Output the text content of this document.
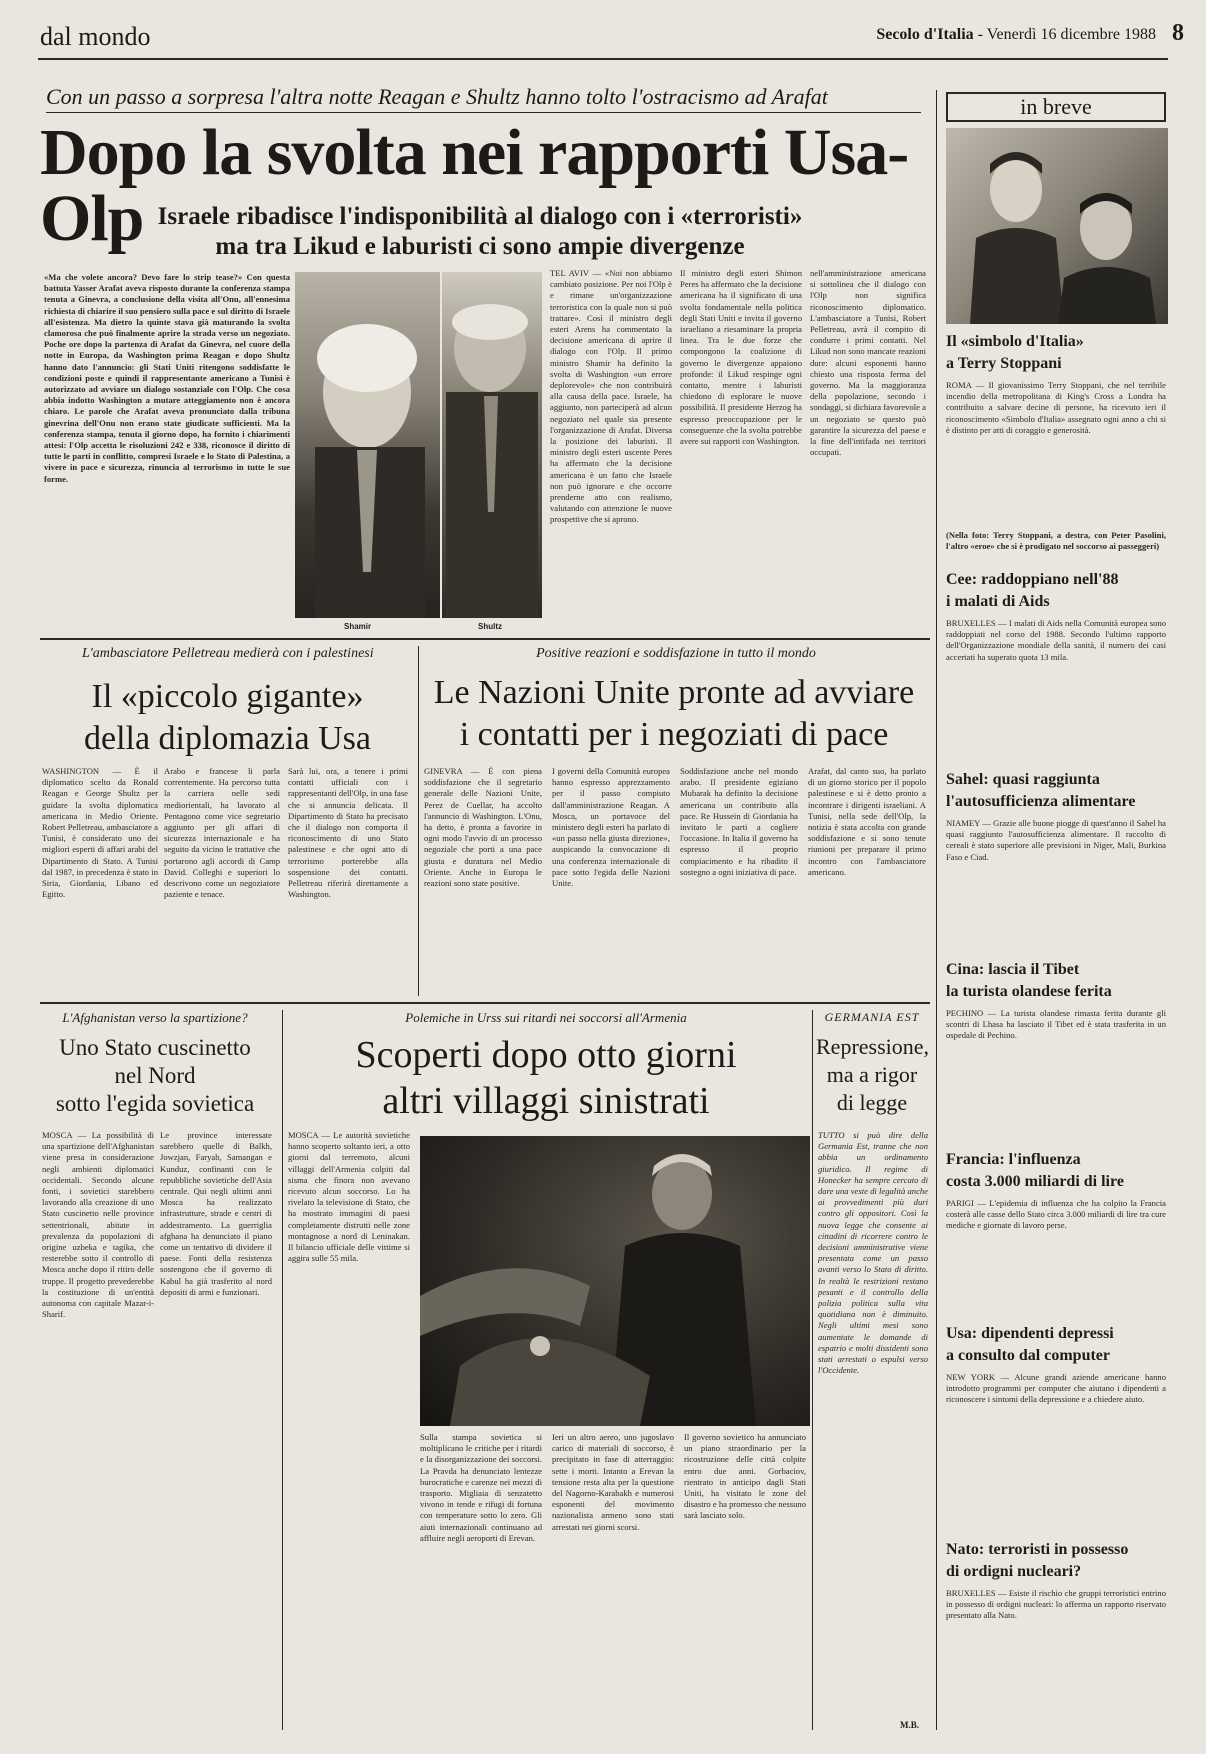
dal mondo	Secolo d'Italia - Venerdì 16 dicembre 1988 8
Con un passo a sorpresa l'altra notte Reagan e Shultz hanno tolto l'ostracismo ad Arafat
Dopo la svolta nei rapporti Usa-Olp Israele ribadisce l'indisponibilità al dialogo con i «terroristi»
ma tra Likud e laburisti ci sono ampie divergenze
«Ma che volete ancora? Devo fare lo strip tease?» Con questa battuta Yasser Arafat aveva risposto durante la conferenza stampa tenuta a Ginevra, a conclusione della visita all'Onu, all'ennesima richiesta di chiarire il suo pensiero sulla pace e sul diritto di Israele all'esistenza. Ma dietro la quinte stava già maturando la svolta clamorosa che può finalmente aprire la strada verso un negoziato. Poche ore dopo la partenza di Arafat da Ginevra, nel cuore della notte in Europa, da Washington prima Reagan e dopo Shultz hanno dato l'annuncio: gli Stati Uniti ritengono soddisfatte le condizioni poste e quindi il rappresentante americano a Tunisi è autorizzato ad avviare un dialogo sostanziale con l'Olp. Che cosa abbia indotto Washington a mutare atteggiamento non è ancora chiaro. Le parole che Arafat aveva pronunciato dalla tribuna ginevrina dell'Onu non erano state giudicate sufficienti. Ma la conferenza stampa, tenuta il giorno dopo, ha fornito i chiarimenti attesi: l'Olp accetta le risoluzioni 242 e 338, riconosce il diritto di tutte le parti in conflitto, compresi Israele e lo Stato di Palestina, a vivere in pace e sicurezza, rinuncia al terrorismo in tutte le sue forme.
Shamir	Shultz
TEL AVIV — «Noi non abbiamo cambiato posizione. Per noi l'Olp è e rimane un'organizzazione terroristica con la quale non si può trattare». Così il ministro degli esteri Arens ha commentato la decisione americana di aprire il dialogo con l'Olp. Il primo ministro Shamir ha definito la svolta di Washington «un errore deplorevole» che non contribuirà alla causa della pace. Israele, ha aggiunto, non parteciperà ad alcun negoziato nel quale sia presente l'organizzazione di Arafat. Diversa la posizione dei laburisti. Il ministro degli esteri uscente Peres ha affermato che la decisione americana è un fatto che Israele non può ignorare e che occorre prenderne atto con realismo, valutando con attenzione le nuove prospettive che si aprono.
Il ministro degli esteri Shimon Peres ha affermato che la decisione americana ha il significato di una svolta fondamentale nella politica degli Stati Uniti e invita il governo israeliano a riesaminare la propria linea. Tra le due forze che compongono la coalizione di governo le divergenze appaiono profonde: il Likud respinge ogni contatto, mentre i laburisti chiedono di esplorare le nuove possibilità. Il presidente Herzog ha espresso preoccupazione per le conseguenze che la svolta potrebbe avere sui rapporti con Washington.
nell'amministrazione americana si sottolinea che il dialogo con l'Olp non significa riconoscimento diplomatico. L'ambasciatore a Tunisi, Robert Pelletreau, avrà il compito di condurre i primi contatti. Nel Likud non sono mancate reazioni dure: alcuni esponenti hanno chiesto una risposta ferma del governo. Ma la maggioranza della popolazione, secondo i sondaggi, si dichiara favorevole a un negoziato se questo può garantire la sicurezza del paese e la fine dell'intifada nei territori occupati.
L'ambasciatore Pelletreau medierà con i palestinesi
Il «piccolo gigante»
della diplomazia Usa
WASHINGTON — È il diplomatico scelto da Ronald Reagan e George Shultz per guidare la svolta diplomatica americana in Medio Oriente. Robert Pelletreau, ambasciatore a Tunisi, è considerato uno dei migliori esperti di affari arabi del Dipartimento di Stato. A Tunisi dal 1987, in precedenza è stato in Siria, Giordania, Libano ed Egitto.
Arabo e francese li parla correntemente. Ha percorso tutta la carriera nelle sedi mediorientali, ha lavorato al Pentagono come vice segretario aggiunto per gli affari di sicurezza internazionale e ha seguito da vicino le trattative che portarono agli accordi di Camp David. Colleghi e superiori lo descrivono come un negoziatore paziente e tenace.
Sarà lui, ora, a tenere i primi contatti ufficiali con i rappresentanti dell'Olp, in una fase che si annuncia delicata. Il Dipartimento di Stato ha precisato che il dialogo non comporta il riconoscimento di uno Stato palestinese e che ogni atto di terrorismo porterebbe alla sospensione dei contatti. Pelletreau riferirà direttamente a Washington.
Positive reazioni e soddisfazione in tutto il mondo
Le Nazioni Unite pronte ad avviare
i contatti per i negoziati di pace
GINEVRA — È con piena soddisfazione che il segretario generale delle Nazioni Unite, Perez de Cuellar, ha accolto l'annuncio di Washington. L'Onu, ha detto, è pronta a favorire in ogni modo l'avvio di un processo negoziale che porti a una pace giusta e duratura nel Medio Oriente. Anche in Europa le reazioni sono state positive.
I governi della Comunità europea hanno espresso apprezzamento per il passo compiuto dall'amministrazione Reagan. A Mosca, un portavoce del ministero degli esteri ha parlato di «un passo nella giusta direzione», auspicando la convocazione di una conferenza internazionale di pace sotto l'egida delle Nazioni Unite.
Soddisfazione anche nel mondo arabo. Il presidente egiziano Mubarak ha definito la decisione americana un contributo alla pace. Re Hussein di Giordania ha invitato le parti a cogliere l'occasione. In Italia il governo ha espresso il proprio compiacimento e ha ribadito il sostegno a ogni iniziativa di pace.
Arafat, dal canto suo, ha parlato di un giorno storico per il popolo palestinese e si è detto pronto a incontrare i dirigenti israeliani. A Tunisi, nella sede dell'Olp, la notizia è stata accolta con grande soddisfazione e si sono tenute riunioni per preparare il primo incontro con l'ambasciatore americano.
L'Afghanistan verso la spartizione?
Uno Stato cuscinetto
nel Nord
sotto l'egida sovietica
MOSCA — La possibilità di una spartizione dell'Afghanistan viene presa in considerazione negli ambienti diplomatici occidentali. Secondo alcune fonti, i sovietici starebbero lavorando alla creazione di uno Stato cuscinetto nelle province settentrionali, abitate in prevalenza da popolazioni di origine uzbeka e tagika, che resterebbe sotto il controllo di Mosca anche dopo il ritiro delle truppe. Il progetto prevederebbe la costituzione di un'entità autonoma con capitale Mazar-i-Sharif.
Le province interessate sarebbero quelle di Balkh, Jowzjan, Faryab, Samangan e Kunduz, confinanti con le repubbliche sovietiche dell'Asia centrale. Qui negli ultimi anni Mosca ha realizzato infrastrutture, strade e centri di addestramento. La guerriglia afghana ha denunciato il piano come un tentativo di dividere il paese. Fonti della resistenza sostengono che il governo di Kabul ha già trasferito al nord depositi di armi e funzionari.
Polemiche in Urss sui ritardi nei soccorsi all'Armenia
Scoperti dopo otto giorni
altri villaggi sinistrati
MOSCA — Le autorità sovietiche hanno scoperto soltanto ieri, a otto giorni dal terremoto, alcuni villaggi dell'Armenia colpiti dal sisma che finora non avevano ricevuto alcun soccorso. Lo ha rivelato la televisione di Stato, che ha mostrato immagini di paesi completamente distrutti nelle zone montagnose a nord di Leninakan. Il bilancio ufficiale delle vittime si aggira sulle 55 mila.
Sulla stampa sovietica si moltiplicano le critiche per i ritardi e la disorganizzazione dei soccorsi. La Pravda ha denunciato lentezze burocratiche e carenze nei mezzi di trasporto. Migliaia di senzatetto vivono in tende e rifugi di fortuna con temperature sotto lo zero. Gli aiuti internazionali continuano ad affluire negli aeroporti di Erevan.
Ieri un altro aereo, uno jugoslavo carico di materiali di soccorso, è precipitato in fase di atterraggio: sette i morti. Intanto a Erevan la tensione resta alta per la questione del Nagorno-Karabakh e numerosi esponenti del movimento nazionalista armeno sono stati arrestati nei giorni scorsi.
Il governo sovietico ha annunciato un piano straordinario per la ricostruzione delle città colpite entro due anni. Gorbaciov, rientrato in anticipo dagli Stati Uniti, ha visitato le zone del disastro e ha promesso che nessuno sarà lasciato solo.
GERMANIA EST
Repressione,
ma a rigor
di legge
TUTTO si può dire della Germania Est, tranne che non abbia un ordinamento giuridico. Il regime di Honecker ha sempre cercato di dare una veste di legalità anche ai provvedimenti più duri contro gli oppositori. Così la nuova legge che consente ai cittadini di ricorrere contro le decisioni amministrative viene presentata come un passo avanti verso lo Stato di diritto. In realtà le restrizioni restano pesanti e il controllo della polizia politica sulla vita quotidiana non è diminuito. Negli ultimi mesi sono aumentate le domande di espatrio e molti dissidenti sono stati arrestati o espulsi verso l'Occidente.
M.B.
in breve
Il «simbolo d'Italia»
a Terry Stoppani
ROMA — Il giovanissimo Terry Stoppani, che nel terribile incendio della metropolitana di King's Cross a Londra ha contribuito a salvare decine di persone, ha ricevuto ieri il riconoscimento «Simbolo d'Italia» assegnato ogni anno a chi si è distinto per atti di coraggio e generosità.
(Nella foto: Terry Stoppani, a destra, con Peter Pasolini, l'altro «eroe» che si è prodigato nel soccorso ai passeggeri)
Cee: raddoppiano nell'88
i malati di Aids
BRUXELLES — I malati di Aids nella Comunità europea sono raddoppiati nel corso del 1988. Secondo l'ultimo rapporto dell'Organizzazione mondiale della sanità, il numero dei casi accertati ha superato quota 13 mila.
Sahel: quasi raggiunta
l'autosufficienza alimentare
NIAMEY — Grazie alle buone piogge di quest'anno il Sahel ha quasi raggiunto l'autosufficienza alimentare. Il raccolto di cereali è stato superiore alle previsioni in Niger, Mali, Burkina Faso e Ciad.
Cina: lascia il Tibet
la turista olandese ferita
PECHINO — La turista olandese rimasta ferita durante gli scontri di Lhasa ha lasciato il Tibet ed è stata trasferita in un ospedale di Pechino.
Francia: l'influenza
costa 3.000 miliardi di lire
PARIGI — L'epidemia di influenza che ha colpito la Francia costerà alle casse dello Stato circa 3.000 miliardi di lire tra cure mediche e giornate di lavoro perse.
Usa: dipendenti depressi
a consulto dal computer
NEW YORK — Alcune grandi aziende americane hanno introdotto programmi per computer che aiutano i dipendenti a riconoscere i sintomi della depressione e a chiedere aiuto.
Nato: terroristi in possesso
di ordigni nucleari?
BRUXELLES — Esiste il rischio che gruppi terroristici entrino in possesso di ordigni nucleari: lo afferma un rapporto riservato presentato alla Nato.
